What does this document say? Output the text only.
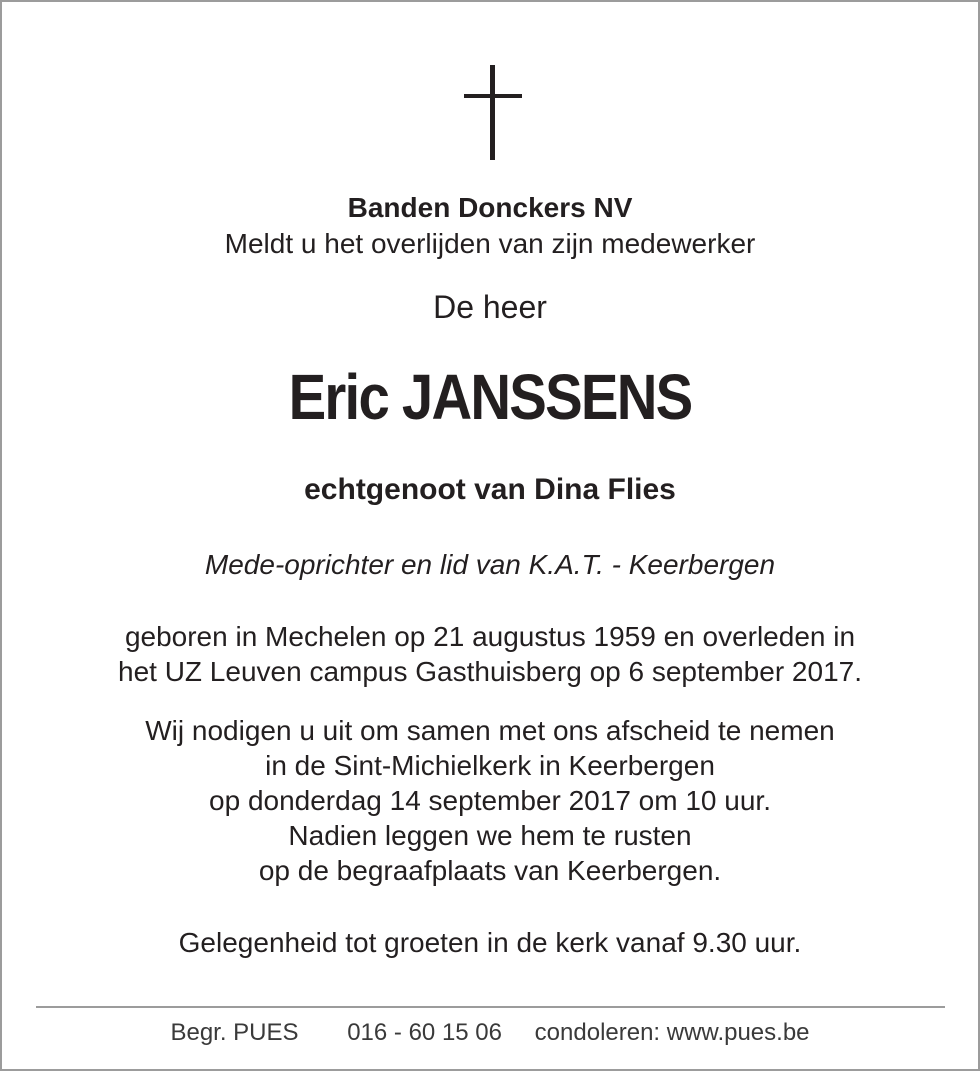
Banden Donckers NV

Meldt u het overlijden van zijn medewerker

De heer

Eric JANSSENS

echtgenoot van Dina Flies

Mede-oprichter en lid van K.A.T. - Keerbergen

geboren in Mechelen op 21 augustus 1959 en overleden in
het UZ Leuven campus Gasthuisberg op 6 september 2017.
Wij nodigen u uit om samen met ons afscheid te nemen
in de Sint-Michielkerk in Keerbergen
op donderdag 14 september 2017 om 10 uur.
Nadien leggen we hem te rusten
op de begraafplaats van Keerbergen.

Gelegenheid tot groeten in de kerk vanaf 9.30 uur.

Begr. PUES 016 - 60 15 06 condoleren: www.pues.be
